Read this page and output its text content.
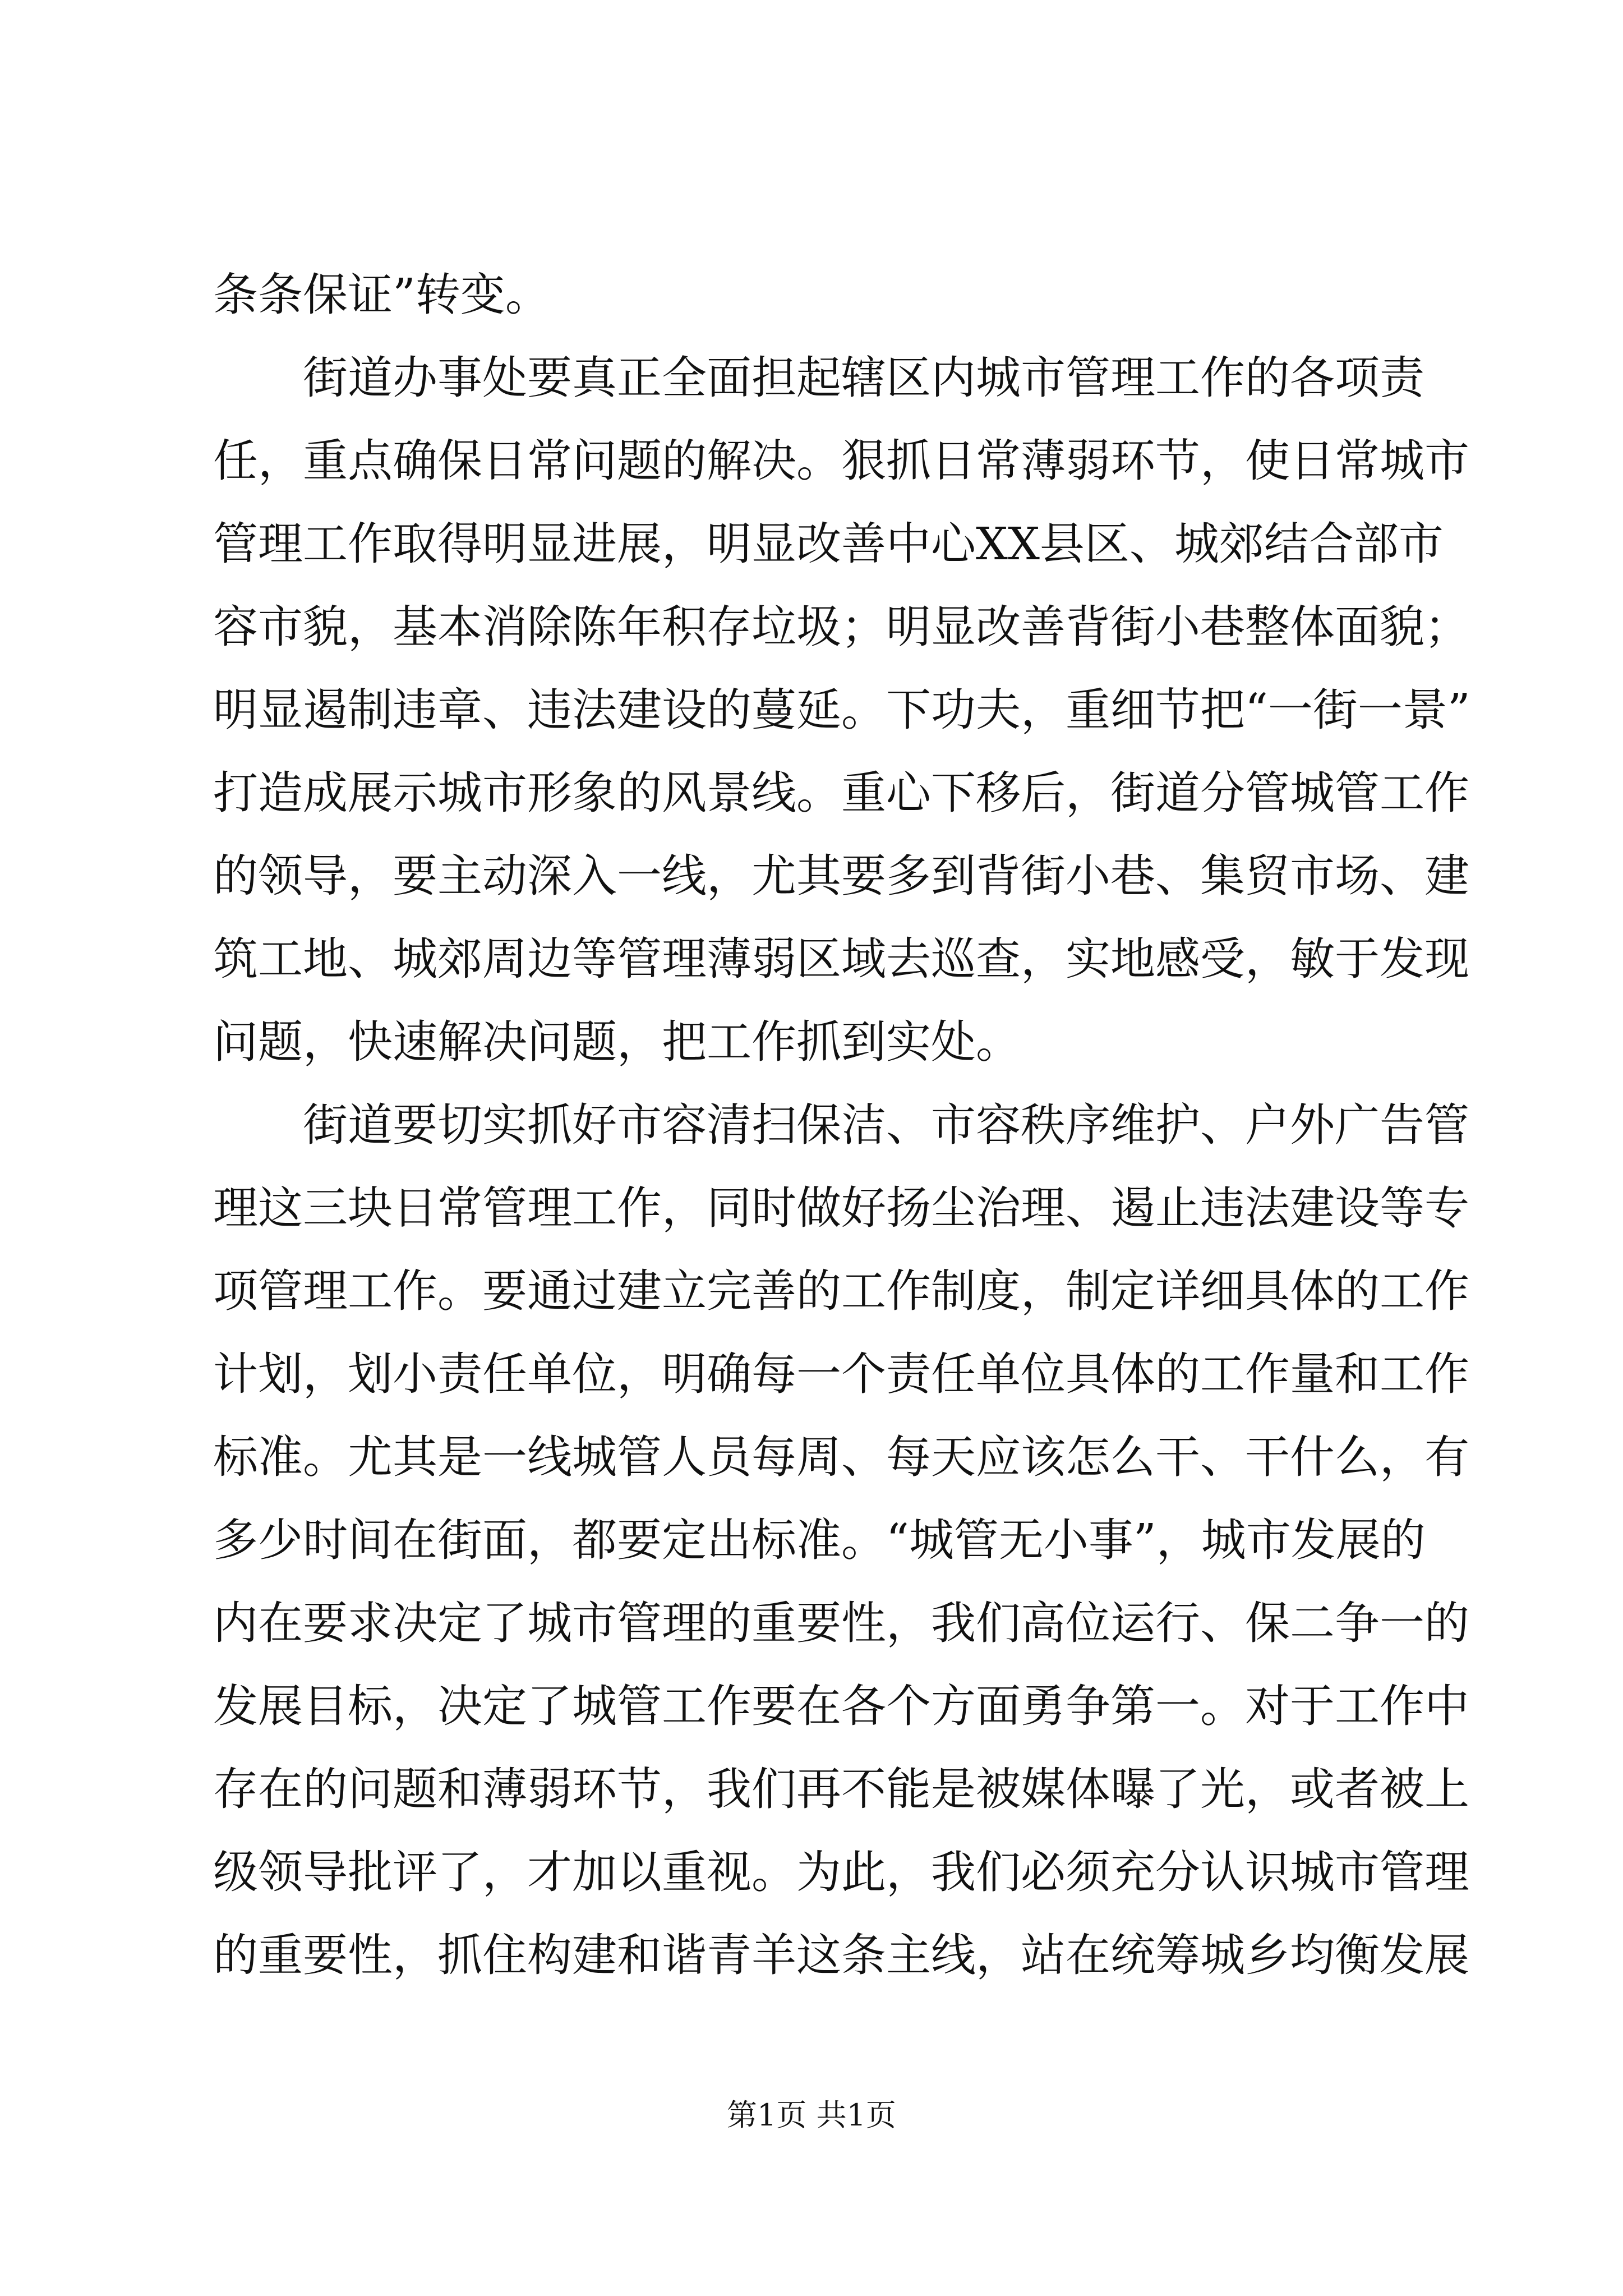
条条保证”转变。
街道办事处要真正全面担起辖区内城市管理工作的各项责
任，重点确保日常问题的解决。狠抓日常薄弱环节，使日常城市
管理工作取得明显进展，明显改善中心XX县区、城郊结合部市
容市貌，基本消除陈年积存垃圾；明显改善背街小巷整体面貌；
明显遏制违章、违法建设的蔓延。下功夫，重细节把“一街一景”
打造成展示城市形象的风景线。重心下移后，街道分管城管工作
的领导，要主动深入一线，尤其要多到背街小巷、集贸市场、建
筑工地、城郊周边等管理薄弱区域去巡查，实地感受，敏于发现
问题，快速解决问题，把工作抓到实处。
街道要切实抓好市容清扫保洁、市容秩序维护、户外广告管
理这三块日常管理工作，同时做好扬尘治理、遏止违法建设等专
项管理工作。要通过建立完善的工作制度，制定详细具体的工作
计划，划小责任单位，明确每一个责任单位具体的工作量和工作
标准。尤其是一线城管人员每周、每天应该怎么干、干什么，有
多少时间在街面，都要定出标准。“城管无小事”，城市发展的
内在要求决定了城市管理的重要性，我们高位运行、保二争一的
发展目标，决定了城管工作要在各个方面勇争第一。对于工作中
存在的问题和薄弱环节，我们再不能是被媒体曝了光，或者被上
级领导批评了，才加以重视。为此，我们必须充分认识城市管理
的重要性，抓住构建和谐青羊这条主线，站在统筹城乡均衡发展
第1页 共1页
